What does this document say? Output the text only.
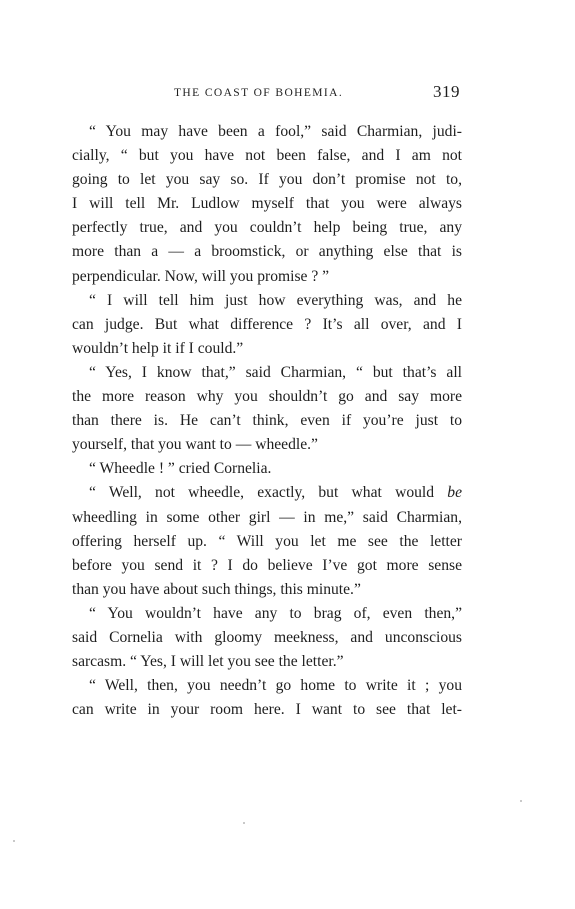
THE COAST OF BOHEMIA.	319
“ You may have been a fool,” said Charmian, judi-
cially, “ but you have not been false, and I am not
going to let you say so. If you don’t promise not to,
I will tell Mr. Ludlow myself that you were always
perfectly true, and you couldn’t help being true, any
more than a — a broomstick, or anything else that is
perpendicular. Now, will you promise ? ”
“ I will tell him just how everything was, and he
can judge. But what difference ? It’s all over, and I
wouldn’t help it if I could.”
“ Yes, I know that,” said Charmian, “ but that’s all
the more reason why you shouldn’t go and say more
than there is. He can’t think, even if you’re just to
yourself, that you want to — wheedle.”
“ Wheedle ! ” cried Cornelia.
“ Well, not wheedle, exactly, but what would be
wheedling in some other girl — in me,” said Charmian,
offering herself up. “ Will you let me see the letter
before you send it ? I do believe I’ve got more sense
than you have about such things, this minute.”
“ You wouldn’t have any to brag of, even then,”
said Cornelia with gloomy meekness, and unconscious
sarcasm. “ Yes, I will let you see the letter.”
“ Well, then, you needn’t go home to write it ; you
can write in your room here. I want to see that let-
